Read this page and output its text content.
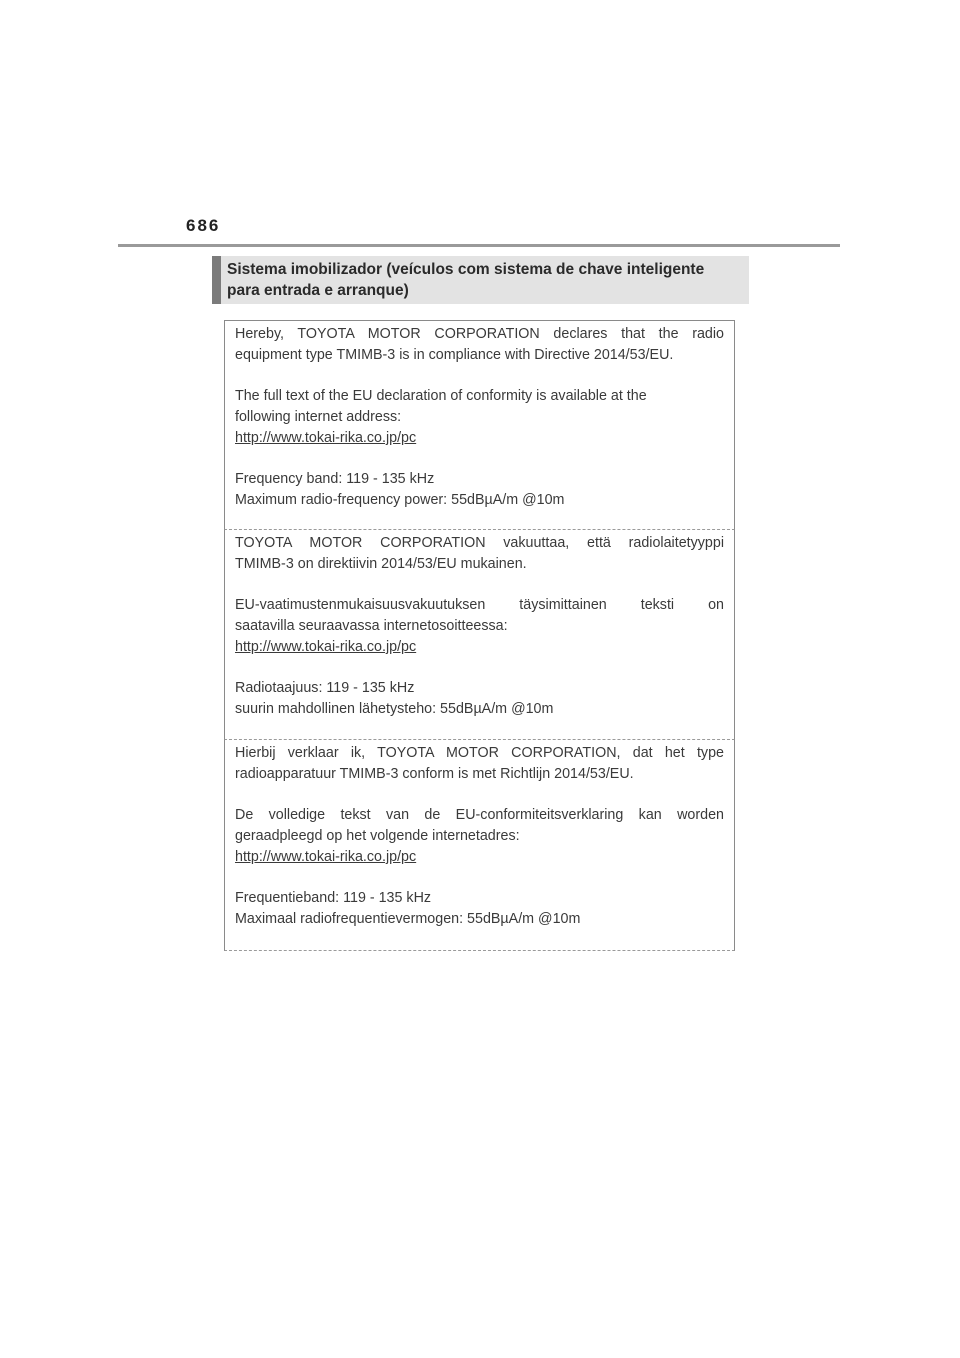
686
Sistema imobilizador (veículos com sistema de chave inteligente
para entrada e arranque)
Hereby, TOYOTA MOTOR CORPORATION declares that the radio
equipment type TMIMB-3 is in compliance with Directive 2014/53/EU.
The full text of the EU declaration of conformity is available at the
following internet address:
http://www.tokai-rika.co.jp/pc
Frequency band: 119 - 135 kHz
Maximum radio-frequency power: 55dBµA/m @10m
TOYOTA MOTOR CORPORATION vakuuttaa, että radiolaitetyyppi
TMIMB-3 on direktiivin 2014/53/EU mukainen.
EU-vaatimustenmukaisuusvakuutuksen täysimittainen teksti on
saatavilla seuraavassa internetosoitteessa:
http://www.tokai-rika.co.jp/pc
Radiotaajuus: 119 - 135 kHz
suurin mahdollinen lähetysteho: 55dBµA/m @10m
Hierbij verklaar ik, TOYOTA MOTOR CORPORATION, dat het type
radioapparatuur TMIMB-3 conform is met Richtlijn 2014/53/EU.
De volledige tekst van de EU-conformiteitsverklaring kan worden
geraadpleegd op het volgende internetadres:
http://www.tokai-rika.co.jp/pc
Frequentieband: 119 - 135 kHz
Maximaal radiofrequentievermogen: 55dBµA/m @10m
